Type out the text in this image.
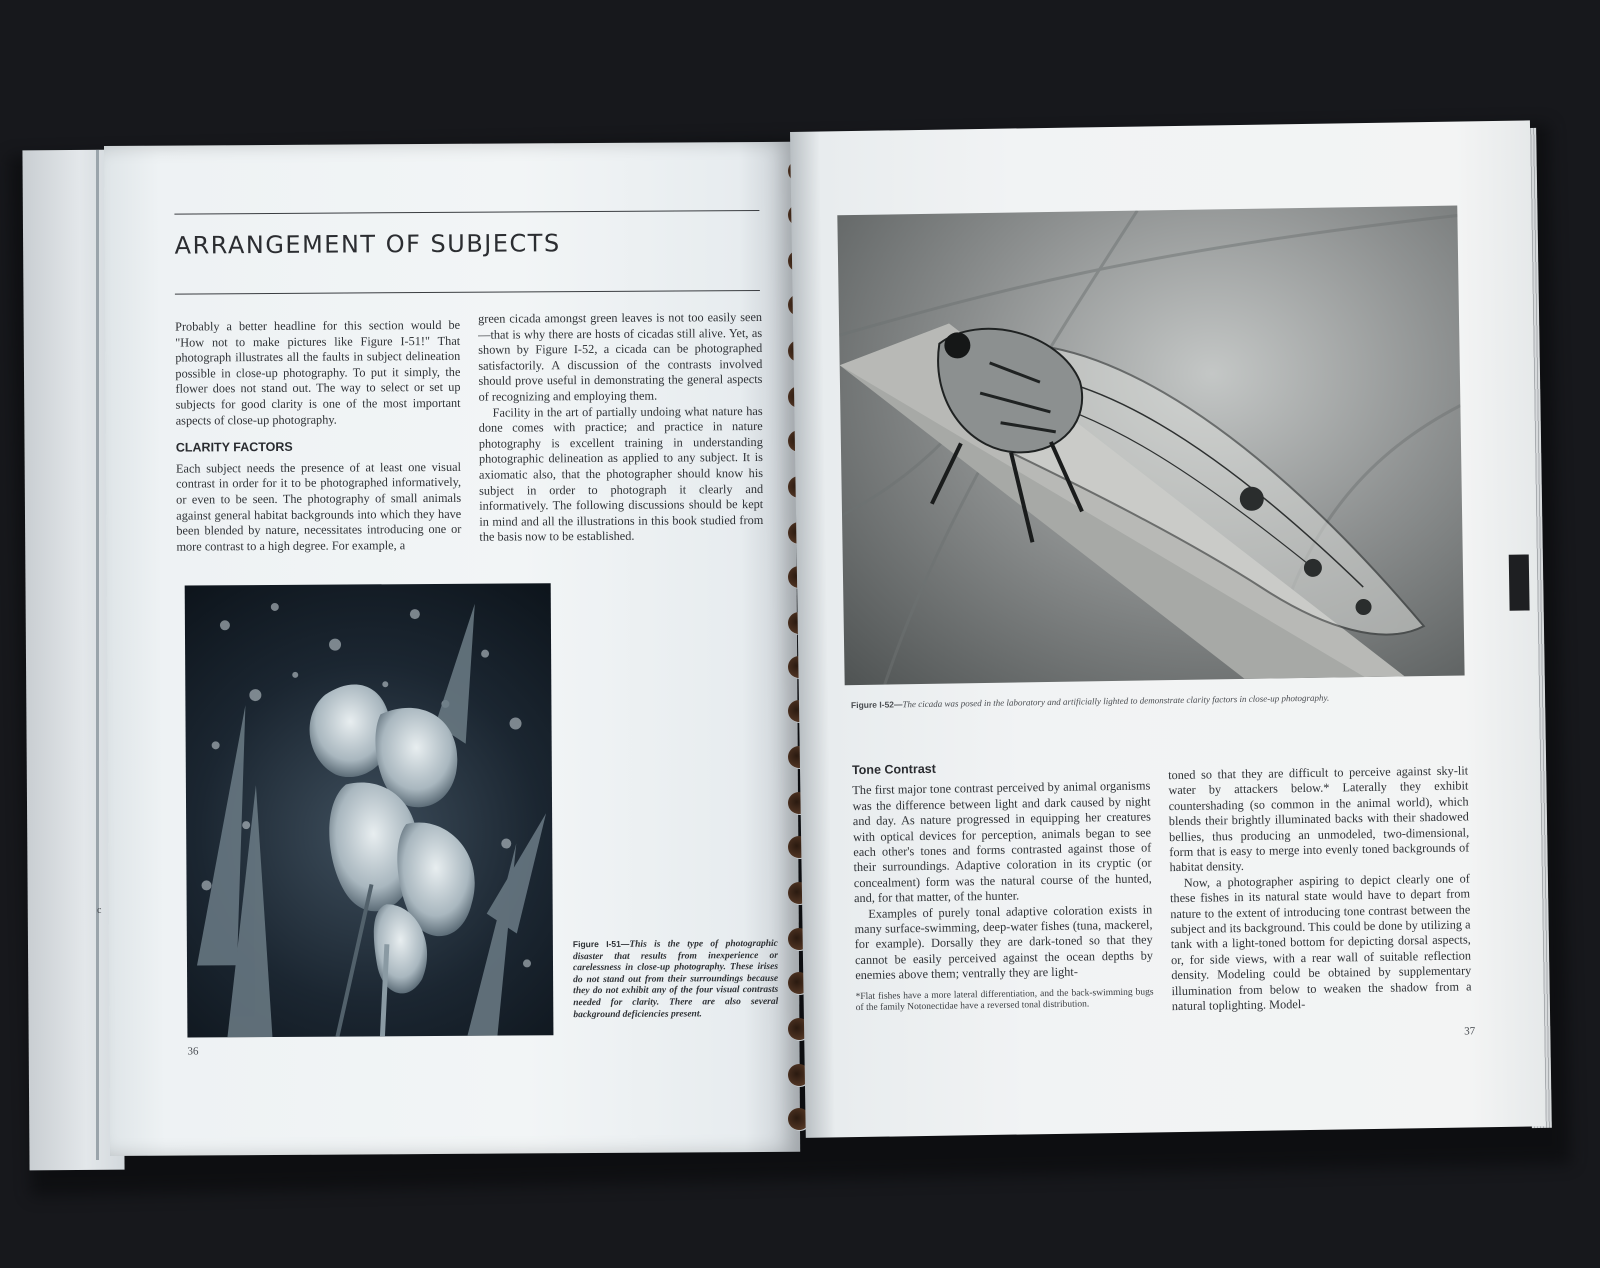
ARRANGEMENT OF SUBJECTS

Probably a better headline for this section would be "How not to make pictures like Figure I-51!" That photograph illustrates all the faults in subject delineation possible in close-up photography. To put it simply, the flower does not stand out. The way to select or set up subjects for good clarity is one of the most important aspects of close-up photography.

CLARITY FACTORS

Each subject needs the presence of at least one visual contrast in order for it to be photographed informatively, or even to be seen. The photography of small animals against general habitat backgrounds into which they have been blended by nature, necessitates introducing one or more contrast to a high degree. For example, a

green cicada amongst green leaves is not too easily seen—that is why there are hosts of cicadas still alive. Yet, as shown by Figure I-52, a cicada can be photographed satisfactorily. A discussion of the contrasts involved should prove useful in demonstrating the general aspects of recognizing and employing them.

Facility in the art of partially undoing what nature has done comes with practice; and practice in nature photography is excellent training in understanding photographic delineation as applied to any subject. It is axiomatic also, that the photographer should know his subject in order to photograph it clearly and informatively. The following discussions should be kept in mind and all the illustrations in this book studied from the basis now to be established.

Figure I-51—This is the type of photographic disaster that results from inexperience or carelessness in close-up photography. These irises do not stand out from their surroundings because they do not exhibit any of the four visual contrasts needed for clarity. There are also several background deficiencies present.
36
c
Figure I-52—The cicada was posed in the laboratory and artificially lighted to demonstrate clarity factors in close-up photography.
Tone Contrast

The first major tone contrast perceived by animal organisms was the difference between light and dark caused by night and day. As nature progressed in equipping her creatures with optical devices for perception, animals began to see each other's tones and forms contrasted against those of their surroundings. Adaptive coloration in its cryptic (or concealment) form was the natural course of the hunted, and, for that matter, of the hunter.

Examples of purely tonal adaptive coloration exists in many surface-swimming, deep-water fishes (tuna, mackerel, for example). Dorsally they are dark-toned so that they cannot be easily perceived against the ocean depths by enemies above them; ventrally they are light-

*Flat fishes have a more lateral differentiation, and the back-swimming bugs of the family Notonectidae have a reversed tonal distribution.

toned so that they are difficult to perceive against sky-lit water by attackers below.* Laterally they exhibit countershading (so common in the animal world), which blends their brightly illuminated backs with their shadowed bellies, thus producing an unmodeled, two-dimensional, form that is easy to merge into evenly toned backgrounds of habitat density.

Now, a photographer aspiring to depict clearly one of these fishes in its natural state would have to depart from nature to the extent of introducing tone contrast between the subject and its background. This could be done by utilizing a tank with a light-toned bottom for depicting dorsal aspects, or, for side views, with a rear wall of suitable reflection density. Modeling could be obtained by supplementary illumination from below to weaken the shadow from a natural toplighting. Model-

37
